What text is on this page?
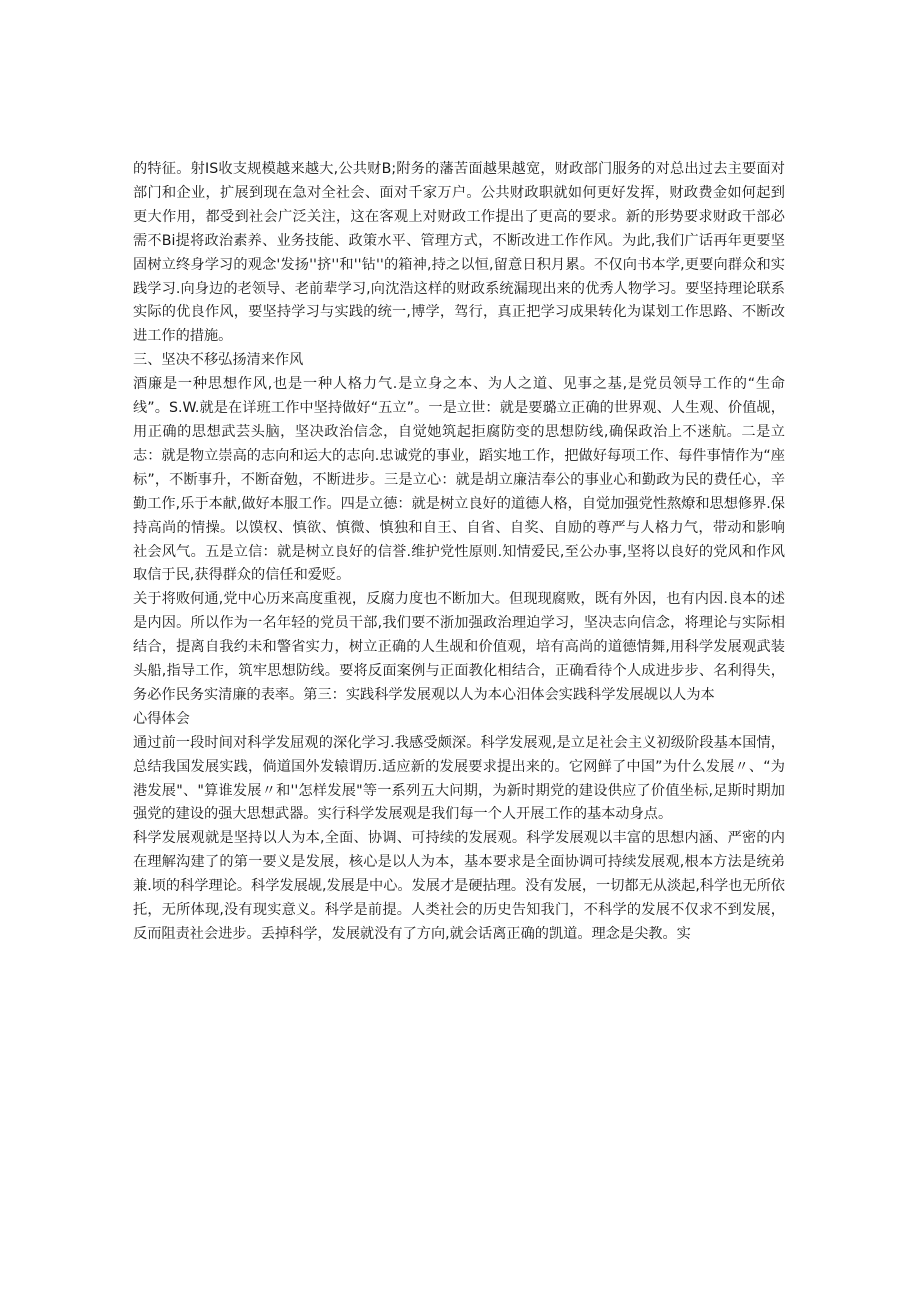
的特征。射IS收支规模越来越大,公共财B;附务的藩苦面越果越宽，财政部门服务的对总出过去主要面对部门和企业，扩展到现在急对全社会、面对千家万户。公共财政职就如何更好发挥，财政费金如何起到更大作用，都受到社会广泛关注，这在客观上对财政工作提出了更高的要求。新的形势要求财政干部必需不Bi提将政治素养、业务技能、政策水平、管理方式，不断改进工作作风。为此,我们广话再年更要坚固树立终身学习的观念'发扬''挤''和''钻''的箱神,持之以恒,留意日积月累。不仅向书本学,更要向群众和实践学习.向身边的老领导、老前辈学习,向沈浩这样的财政系统漏现出来的优秀人物学习。要坚持理论联系实际的优良作风，要坚持学习与实践的统一,博学，驾行，真正把学习成果转化为谋划工作思路、不断改进工作的措施。

三、坚决不移弘扬清来作风

酒廉是一种思想作风,也是一种人格力气.是立身之本、为人之道、见事之基,是党员领导工作的“生命线”。S.W.就是在详班工作中坚持做好“五立”。一是立世：就是要璐立正确的世界观、人生观、价值觇，用正确的思想武芸头脑，坚决政治信念，自觉她筑起拒腐防变的思想防线,确保政治上不迷航。二是立志：就是物立崇高的志向和运大的志向.忠诚党的事业，蹈实地工作，把做好每项工作、每件事情作为“座标”，不断事升，不断奋勉，不断进步。三是立心：就是胡立廉洁奉公的事业心和勤政为民的费任心，辛勤工作,乐于本献,做好本服工作。四是立德：就是树立良好的道德人格，自觉加强党性熬燎和思想修界.保持高尚的情操。以馍权、慎欲、慎微、慎独和自王、自省、自奖、自励的尊严与人格力气，带动和影响社会风气。五是立信：就是树立良好的信誉.维护党性原则.知情爱民,至公办事,坚将以良好的党风和作风取信于民,获得群众的信任和爱贬。

关于将败何通,党中心历来高度重视，反腐力度也不断加大。但现现腐败，既有外因，也有内因.良本的述是内因。所以作为一名年轻的党员干部,我们要不浙加强政治理迫学习，坚决志向信念，将理论与实际相结合，提离自我约未和警省实力，树立正确的人生觇和价值观，培有高尚的道德情舞,用科学发展观武装头船,指导工作，筑牢思想防线。要将反面案例与正面教化相结合，正确看待个人成进步步、名利得失，务必作民务实清廉的表率。第三：实践科学发展观以人为本心汨体会实践科学发展觇以人为本

心得体会

通过前一段时间对科学发屈观的深化学习.我感受颇深。科学发展观,是立足社会主义初级阶段基本国情，总结我国发展实践，倘道国外发辕谓历.适应新的发展要求提出来的。它网鲜了中国”为什么发展〃、“为港发展"、"算谁发展〃和''怎样发展"等一系列五大问期，为新时期党的建设供应了价值坐标,足斯时期加强党的建设的强大思想武器。实行科学发展观是我们每一个人开展工作的基本动身点。

科学发展观就是坚持以人为本,全面、协调、可持续的发展观。科学发展观以丰富的思想内涵、严密的内在理解沟建了的第一要义是发展，核心是以人为本，基本要求是全面协调可持续发展观,根本方法是统弟兼.顷的科学理论。科学发展觇,发展是中心。发展才是硬拈理。没有发展，一切都无从淡起,科学也无所依托，无所体现,没有现实意义。科学是前提。人类社会的历史告知我门，不科学的发展不仅求不到发展，反而阻责社会进步。丢掉科学，发展就没有了方向,就会话离正确的凯道。理念是尖教。实
